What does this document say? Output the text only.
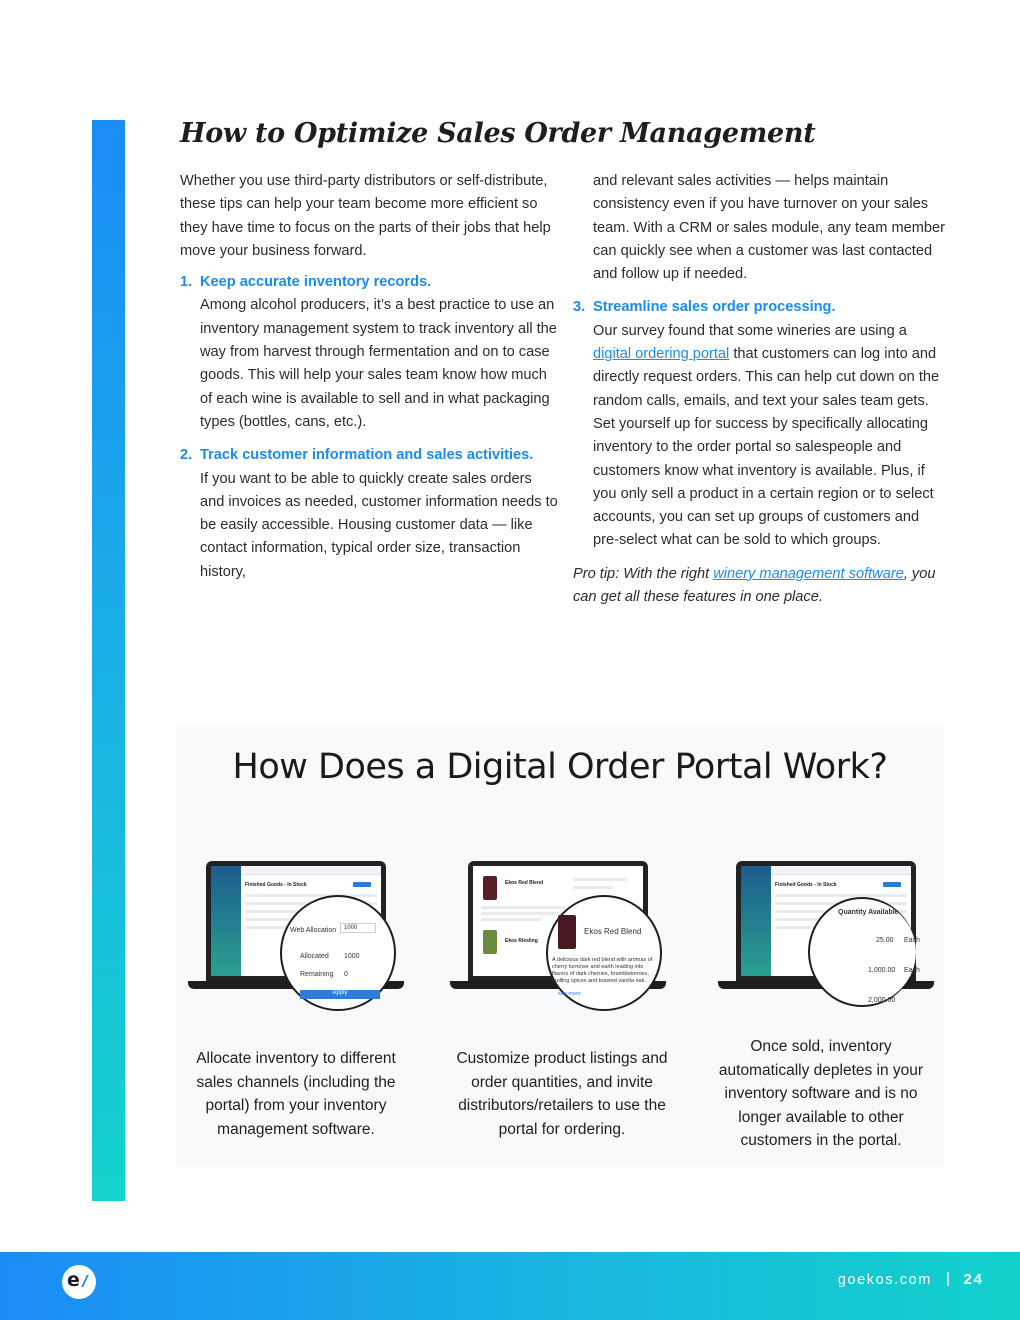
How to Optimize Sales Order Management

Whether you use third-party distributors or self-distribute, these tips can help your team become more efficient so they have time to focus on the parts of their jobs that help move your business forward.

1. Keep accurate inventory records.

Among alcohol producers, it’s a best practice to use an inventory management system to track inventory all the way from harvest through fermentation and on to case goods. This will help your sales team know how much of each wine is available to sell and in what packaging types (bottles, cans, etc.).

2. Track customer information and sales activities.

If you want to be able to quickly create sales orders and invoices as needed, customer information needs to be easily accessible. Housing customer data — like contact information, typical order size, transaction history,

and relevant sales activities — helps maintain consistency even if you have turnover on your sales team. With a CRM or sales module, any team member can quickly see when a customer was last contacted and follow up if needed.

3. Streamline sales order processing.

Our survey found that some wineries are using a digital ordering portal that customers can log into and directly request orders. This can help cut down on the random calls, emails, and text your sales team gets. Set yourself up for success by specifically allocating inventory to the order portal so salespeople and customers know what inventory is available. Plus, if you only sell a product in a certain region or to select accounts, you can set up groups of customers and pre-select what can be sold to which groups.

Pro tip: With the right winery management software, you can get all these features in one place.

How Does a Digital Order Portal Work?
Finished Goods - In Stock
Web Allocation	1000
Allocated 1000
Remaining 0
Apply
Allocate inventory to different sales channels (including the portal) from your inventory management software.
Ekos Red Blend
Ekos Riesling
Ekos Red Blend
A delicious dark red blend with aromas of cherry turnover and earth leading into flavors of dark cherries, brambleberries, mulling spices and toasted vanilla oak.
see more
Customize product listings and order quantities, and invite distributors/retailers to use the portal for ordering.
Finished Goods - In Stock
Quantity Available
25.00 Each
1,000.00 Each
2,000.00
Once sold, inventory automatically depletes in your inventory software and is no longer available to other customers in the portal.
e	goekos.com | 24
